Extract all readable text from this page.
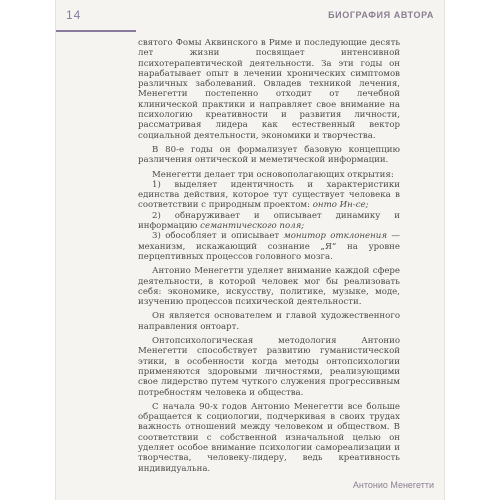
14	БИОГРАФИЯ АВТОРА

святого Фомы Аквинского в Риме и последующие десять лет жизни посвящает интенсивной психотерапевтической деятельности. За эти годы он нарабатывает опыт в лечении хронических симптомов различных заболеваний. Овладев техникой лечения, Менегетти постепенно отходит от лечебной клинической практики и направляет свое внимание на психологию креативности и развития личности, рассматривая лидера как естественный вектор социальной деятельности, экономики и творчества.

В 80-е годы он формализует базовую концепцию различения онтической и меметической информации.

Менегетти делает три основополагающих открытия:

1) выделяет идентичность и характеристики единства действия, которое тут существует человека в соответствии с природным проектом: онто Ин-се;

2) обнаруживает и описывает динамику и информацию семантического поля;

3) обособляет и описывает монитор отклонения — механизм, искажающий сознание „Я“ на уровне перцептивных процессов головного мозга.

Антонио Менегетти уделяет внимание каждой сфере деятельности, в которой человек мог бы реализовать себя: экономике, искусству, политике, музыке, моде, изучению процессов психической деятельности.

Он является основателем и главой художественного направления онтоарт.

Онтопсихологическая методология Антонио Менегетти способствует развитию гуманистической этики, в особенности когда методы онтопсихологии применяются здоровыми личностями, реализующими свое лидерство путем чуткого служения прогрессивным потребностям человека и общества.

С начала 90-х годов Антонио Менегетти все больше обращается к социологии, подчеркивая в своих трудах важность отношений между человеком и обществом. В соответствии с собственной изначальной целью он уделяет особое внимание психологии самореализации и творчества, человеку-лидеру, ведь креативность индивидуальна.

Антонио Менегетти
